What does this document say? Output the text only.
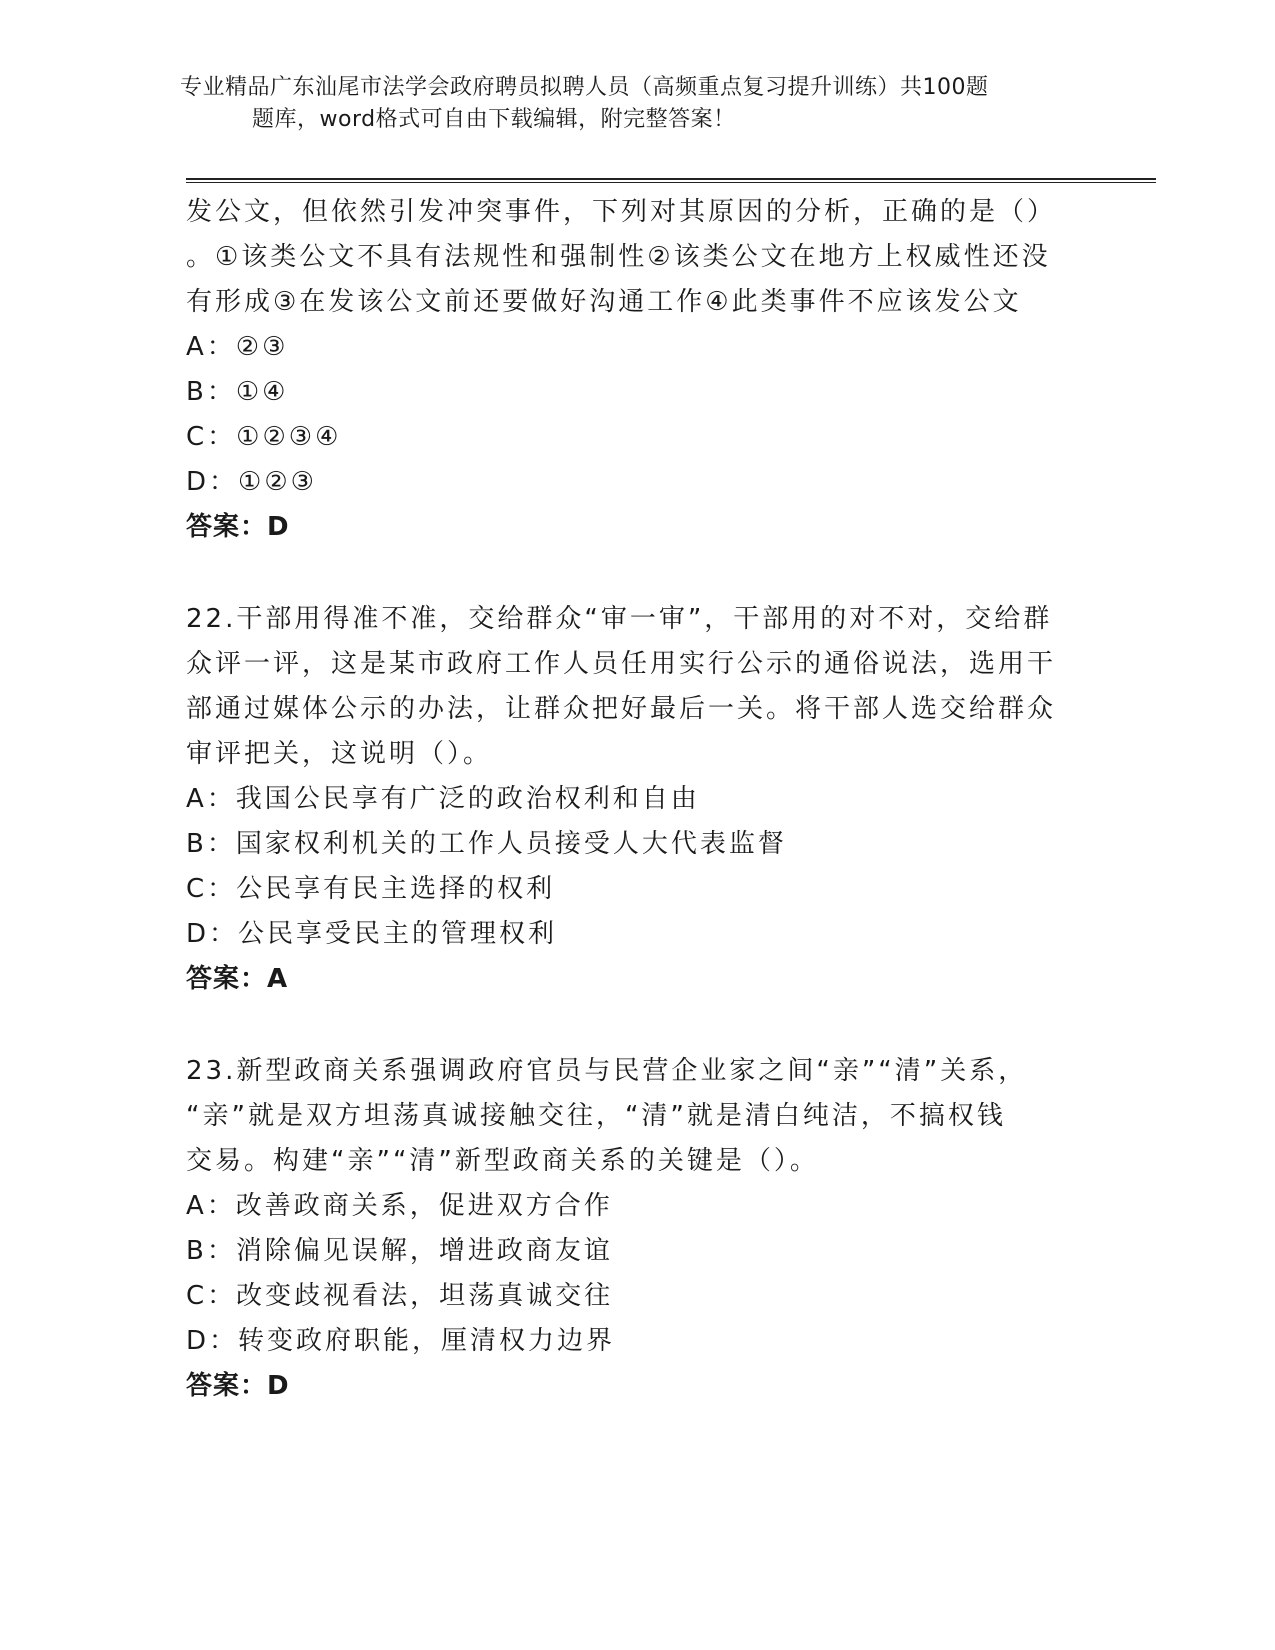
专业精品广东汕尾市法学会政府聘员拟聘人员（高频重点复习提升训练）共100题
题库，word格式可自由下载编辑，附完整答案！
发公文，但依然引发冲突事件，下列对其原因的分析，正确的是（）
。①该类公文不具有法规性和强制性②该类公文在地方上权威性还没
有形成③在发该公文前还要做好沟通工作④此类事件不应该发公文
A：②③
B：①④
C：①②③④
D：①②③
答案：D
22.干部用得准不准，交给群众“审一审”，干部用的对不对，交给群
众评一评，这是某市政府工作人员任用实行公示的通俗说法，选用干
部通过媒体公示的办法，让群众把好最后一关。将干部人选交给群众
审评把关，这说明（）。
A：我国公民享有广泛的政治权利和自由
B：国家权利机关的工作人员接受人大代表监督
C：公民享有民主选择的权利
D：公民享受民主的管理权利
答案：A
23.新型政商关系强调政府官员与民营企业家之间“亲”“清”关系，
“亲”就是双方坦荡真诚接触交往，“清”就是清白纯洁，不搞权钱
交易。构建“亲”“清”新型政商关系的关键是（）。
A：改善政商关系，促进双方合作
B：消除偏见误解，增进政商友谊
C：改变歧视看法，坦荡真诚交往
D：转变政府职能，厘清权力边界
答案：D
